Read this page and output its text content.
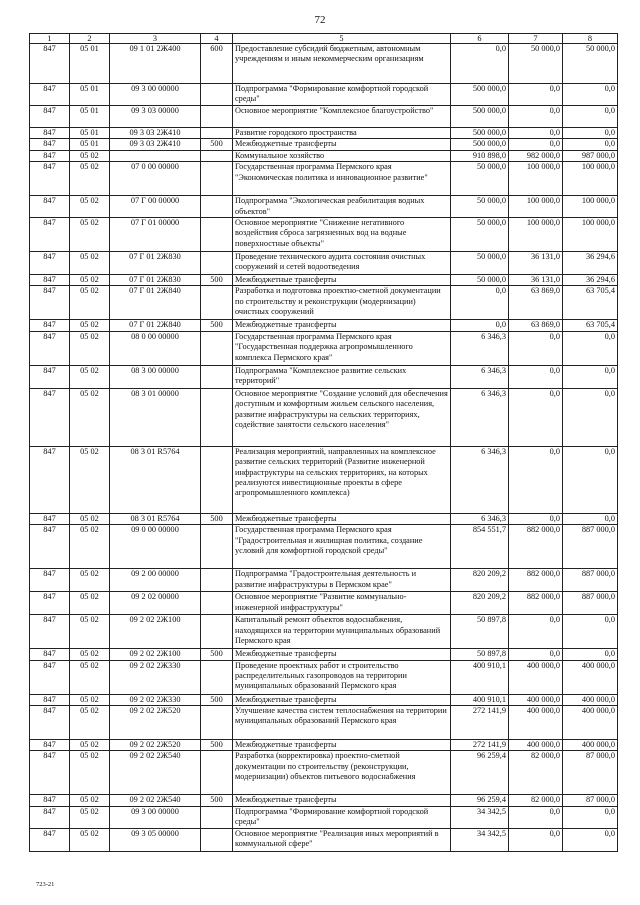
72
1	2	3	4	5	6	7	8
847	05 01	09 1 01 2Ж400	600	Предоставление субсидий бюджетным, автономным учреждениям и иным некоммерческим организациям	0,0	50 000,0	50 000,0
847	05 01	09 3 00 00000		Подпрограмма "Формирование комфортной городской среды"	500 000,0	0,0	0,0
847	05 01	09 3 03 00000		Основное мероприятие "Комплексное благоустройство"	500 000,0	0,0	0,0
847	05 01	09 3 03 2Ж410		Развитие городского пространства	500 000,0	0,0	0,0
847	05 01	09 3 03 2Ж410	500	Межбюджетные трансферты	500 000,0	0,0	0,0
847	05 02			Коммунальное хозяйство	910 898,0	982 000,0	987 000,0
847	05 02	07 0 00 00000		Государственная программа Пермского края "Экономическая политика и инновационное развитие"	50 000,0	100 000,0	100 000,0
847	05 02	07 Г 00 00000		Подпрограмма "Экологическая реабилитация водных объектов"	50 000,0	100 000,0	100 000,0
847	05 02	07 Г 01 00000		Основное мероприятие "Снижение негативного воздействия сброса загрязненных вод на водные поверхностные объекты"	50 000,0	100 000,0	100 000,0
847	05 02	07 Г 01 2Ж830		Проведение технического аудита состояния очистных сооружений и сетей водоотведения	50 000,0	36 131,0	36 294,6
847	05 02	07 Г 01 2Ж830	500	Межбюджетные трансферты	50 000,0	36 131,0	36 294,6
847	05 02	07 Г 01 2Ж840		Разработка и подготовка проектно-сметной документации по строительству и реконструкции (модернизации) очистных сооружений	0,0	63 869,0	63 705,4
847	05 02	07 Г 01 2Ж840	500	Межбюджетные трансферты	0,0	63 869,0	63 705,4
847	05 02	08 0 00 00000		Государственная программа Пермского края "Государственная поддержка агропромышленного комплекса Пермского края"	6 346,3	0,0	0,0
847	05 02	08 3 00 00000		Подпрограмма "Комплексное развитие сельских территорий"	6 346,3	0,0	0,0
847	05 02	08 3 01 00000		Основное мероприятие "Создание условий для обеспечения доступным и комфортным жильем сельского населения, развитие инфраструктуры на сельских территориях, содействие занятости сельского населения"	6 346,3	0,0	0,0
847	05 02	08 3 01 R5764		Реализация мероприятий, направленных на комплексное развитие сельских территорий (Развитие инженерной инфраструктуры на сельских территориях, на которых реализуются инвестиционные проекты в сфере агропромышленного комплекса)	6 346,3	0,0	0,0
847	05 02	08 3 01 R5764	500	Межбюджетные трансферты	6 346,3	0,0	0,0
847	05 02	09 0 00 00000		Государственная программа Пермского края "Градостроительная и жилищная политика, создание условий для комфортной городской среды"	854 551,7	882 000,0	887 000,0
847	05 02	09 2 00 00000		Подпрограмма "Градостроительная деятельность и развитие инфраструктуры в Пермском крае"	820 209,2	882 000,0	887 000,0
847	05 02	09 2 02 00000		Основное мероприятие "Развитие коммунально-инженерной инфраструктуры"	820 209,2	882 000,0	887 000,0
847	05 02	09 2 02 2Ж100		Капитальный ремонт объектов водоснабжения, находящихся на территории муниципальных образований Пермского края	50 897,8	0,0	0,0
847	05 02	09 2 02 2Ж100	500	Межбюджетные трансферты	50 897,8	0,0	0,0
847	05 02	09 2 02 2Ж330		Проведение проектных работ и строительство распределительных газопроводов на территории муниципальных образований Пермского края	400 910,1	400 000,0	400 000,0
847	05 02	09 2 02 2Ж330	500	Межбюджетные трансферты	400 910,1	400 000,0	400 000,0
847	05 02	09 2 02 2Ж520		Улучшение качества систем теплоснабжения на территории муниципальных образований Пермского края	272 141,9	400 000,0	400 000,0
847	05 02	09 2 02 2Ж520	500	Межбюджетные трансферты	272 141,9	400 000,0	400 000,0
847	05 02	09 2 02 2Ж540		Разработка (корректировка) проектно-сметной документации по строительству (реконструкции, модернизации) объектов питьевого водоснабжения	96 259,4	82 000,0	87 000,0
847	05 02	09 2 02 2Ж540	500	Межбюджетные трансферты	96 259,4	82 000,0	87 000,0
847	05 02	09 3 00 00000		Подпрограмма "Формирование комфортной городской среды"	34 342,5	0,0	0,0
847	05 02	09 3 05 00000		Основное мероприятие "Реализация иных мероприятий в коммунальной сфере"	34 342,5	0,0	0,0
723-21
